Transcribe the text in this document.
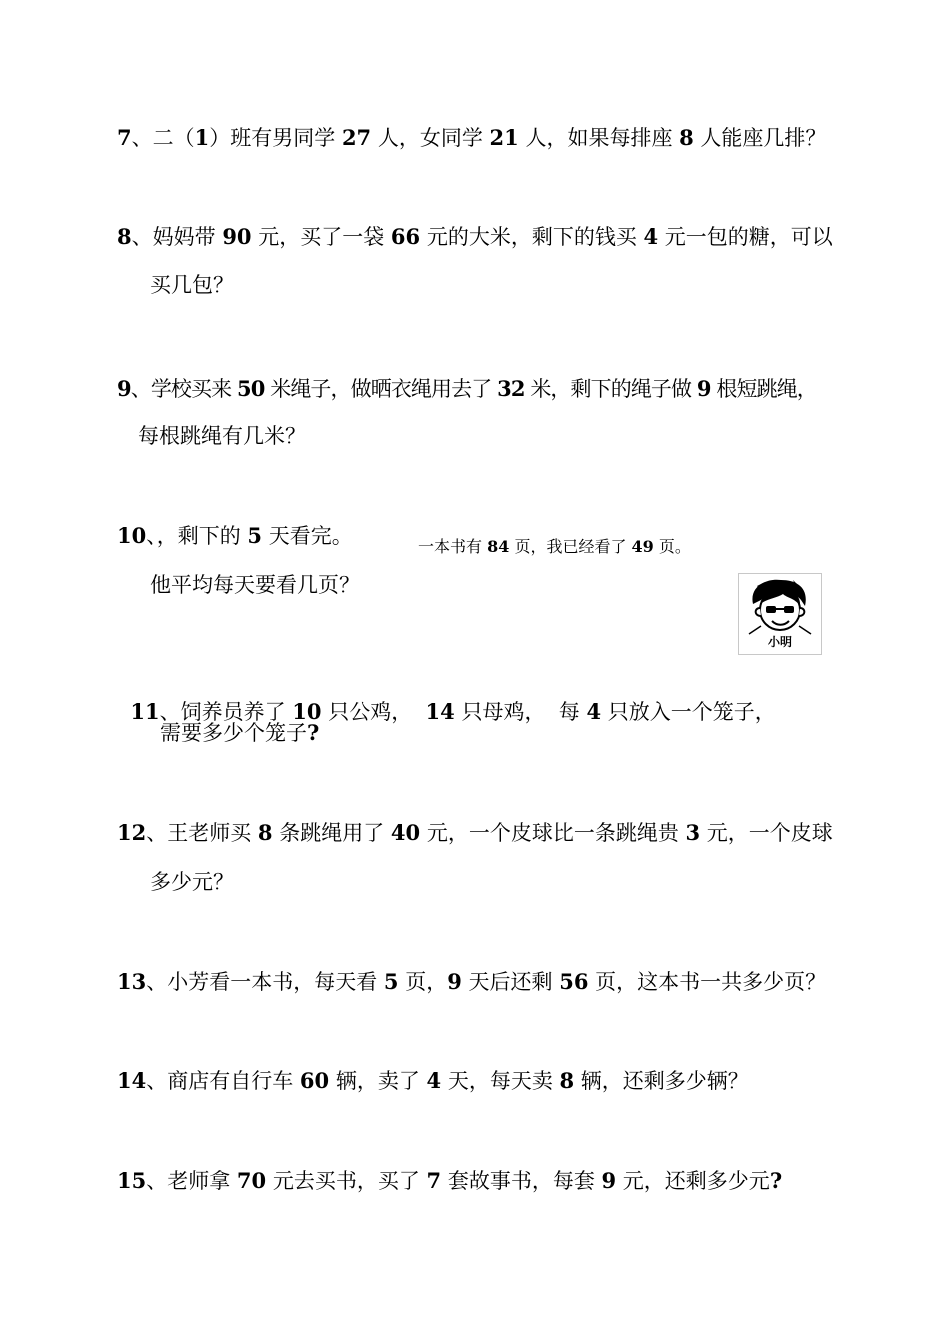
7、二（1）班有男同学 27 人，女同学 21 人，如果每排座 8 人能座几排？
8、妈妈带 90 元，买了一袋 66 元的大米，剩下的钱买 4 元一包的糖，可以
买几包？
9、学校买来 50 米绳子，做晒衣绳用去了 32 米，剩下的绳子做 9 根短跳绳，
每根跳绳有几米？
10、，剩下的 5 天看完。
他平均每天要看几页？
一本书有 84 页，我已经看了 49 页。
小明

11、饲养员养了 10 只公鸡，  14 只母鸡，  每 4 只放入一个笼子，

需要多少个笼子?
12、王老师买 8 条跳绳用了 40 元，一个皮球比一条跳绳贵 3 元，一个皮球
多少元？
13、小芳看一本书，每天看 5 页，9 天后还剩 56 页，这本书一共多少页？
14、商店有自行车 60 辆，卖了 4 天，每天卖 8 辆，还剩多少辆？
15、老师拿 70 元去买书，买了 7 套故事书，每套 9 元，还剩多少元?
